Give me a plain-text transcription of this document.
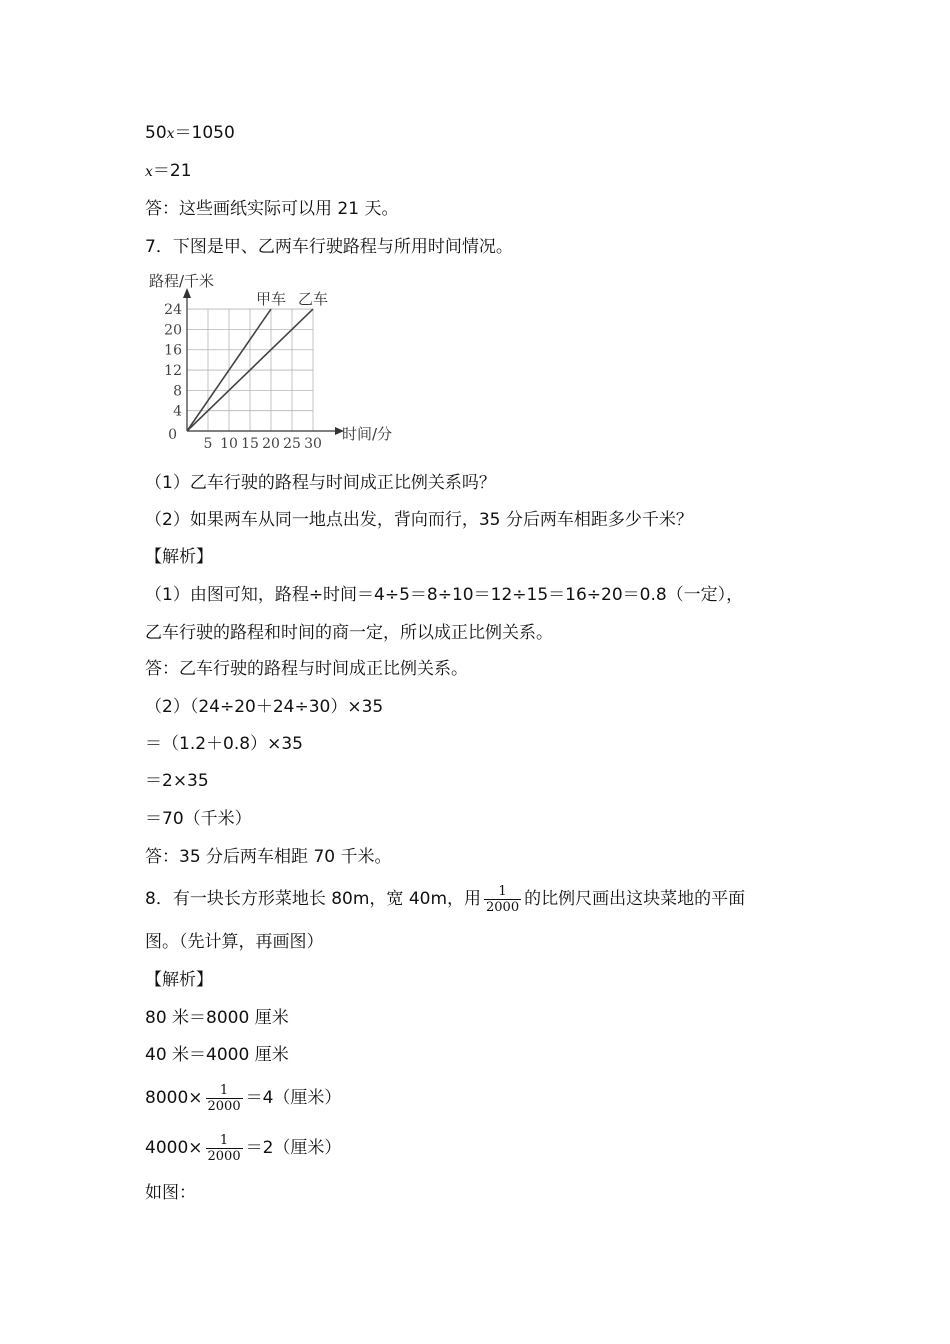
50x＝1050
x＝21
答：这些画纸实际可以用 21 天。
7．下图是甲、乙两车行驶路程与所用时间情况。
甲车 乙车
5 10 15 20 25 30
4
8
12
16
20
24
0
路程/千米
时间/分
（1）乙车行驶的路程与时间成正比例关系吗？
（2）如果两车从同一地点出发，背向而行，35 分后两车相距多少千米？
【解析】
（1）由图可知，路程÷时间＝4÷5＝8÷10＝12÷15＝16÷20＝0.8（一定），
乙车行驶的路程和时间的商一定，所以成正比例关系。
答：乙车行驶的路程与时间成正比例关系。
（2）（24÷20＋24÷30）×35
＝（1.2＋0.8）×35
＝2×35
＝70（千米）
答：35 分后两车相距 70 千米。
8．有一块长方形菜地长 80m，宽 40m，用 $\frac{1}{2000}$ 的比例尺画出这块菜地的平面
图。（先计算，再画图）
【解析】
80 米＝8000 厘米
40 米＝4000 厘米
$8000\times \frac{1}{2000} =4$（厘米）
$4000\times \frac{1}{2000} =2$（厘米）
如图：
